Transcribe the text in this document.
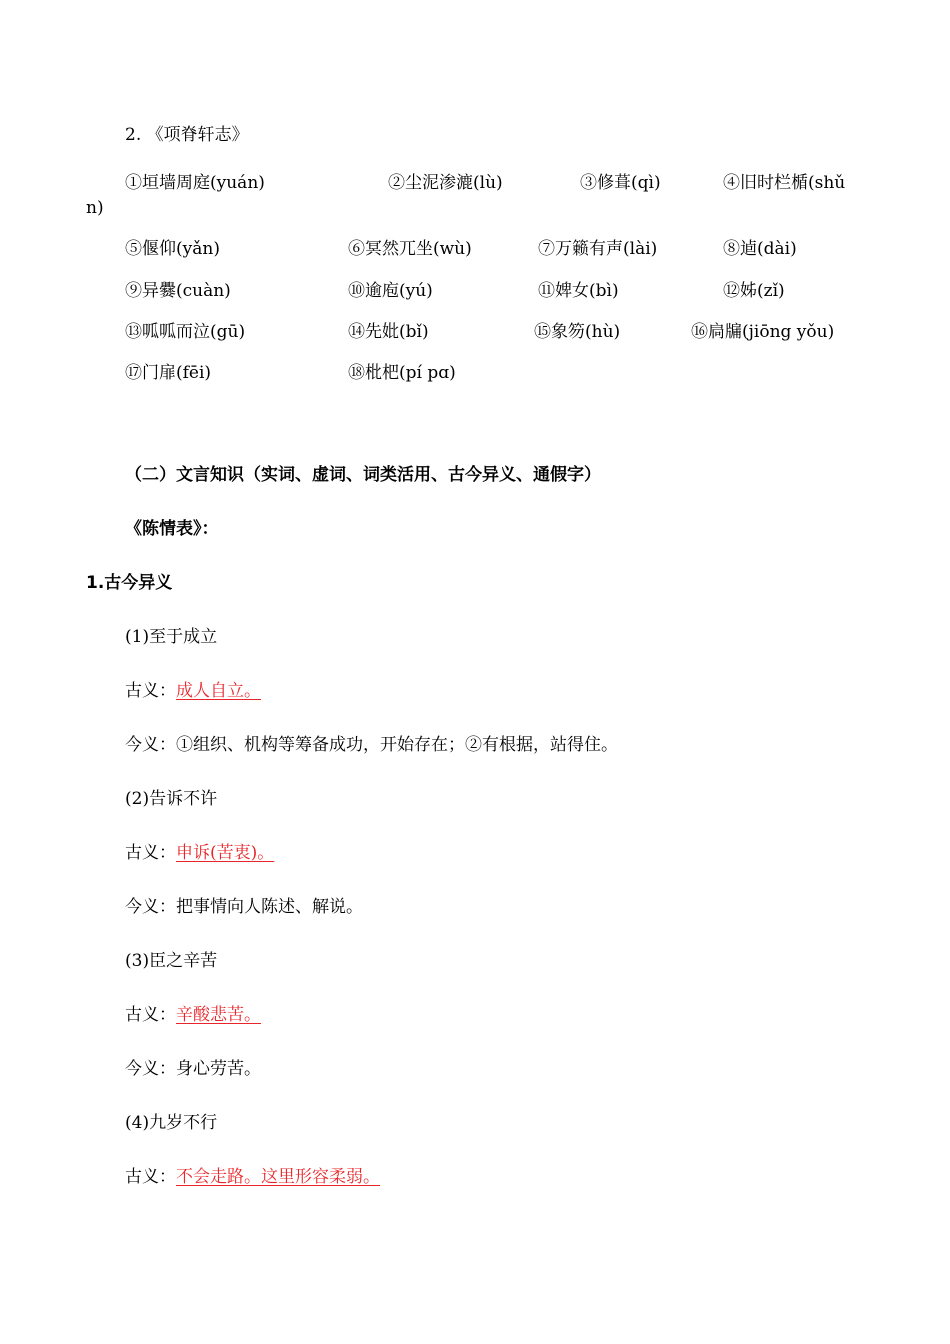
2. 《项脊轩志》
①垣墙周庭(yuán)	②尘泥渗漉(lù)	③修葺(qì)	④旧时栏楯(shǔ
n)
⑤偃仰(yǎn)	⑥冥然兀坐(wù)	⑦万籁有声(lài)	⑧逌(dài)
⑨异爨(cuàn)	⑩逾庖(yú)	⑪婢女(bì)	⑫姊(zǐ)
⑬呱呱而泣(gū)	⑭先妣(bǐ)	⑮象笏(hù)	⑯扃牖(jiōng yǒu)
⑰门扉(fēi)	⑱枇杷(pí pɑ)
（二）文言知识（实词、虚词、词类活用、古今异义、通假字）
《陈情表》：
1.古今异义
(1)至于成立
古义：成人自立。
今义：①组织、机构等筹备成功，开始存在；②有根据，站得住。
(2)告诉不许
古义：申诉(苦衷)。
今义：把事情向人陈述、解说。
(3)臣之辛苦
古义：辛酸悲苦。
今义：身心劳苦。
(4)九岁不行
古义：不会走路。这里形容柔弱。
